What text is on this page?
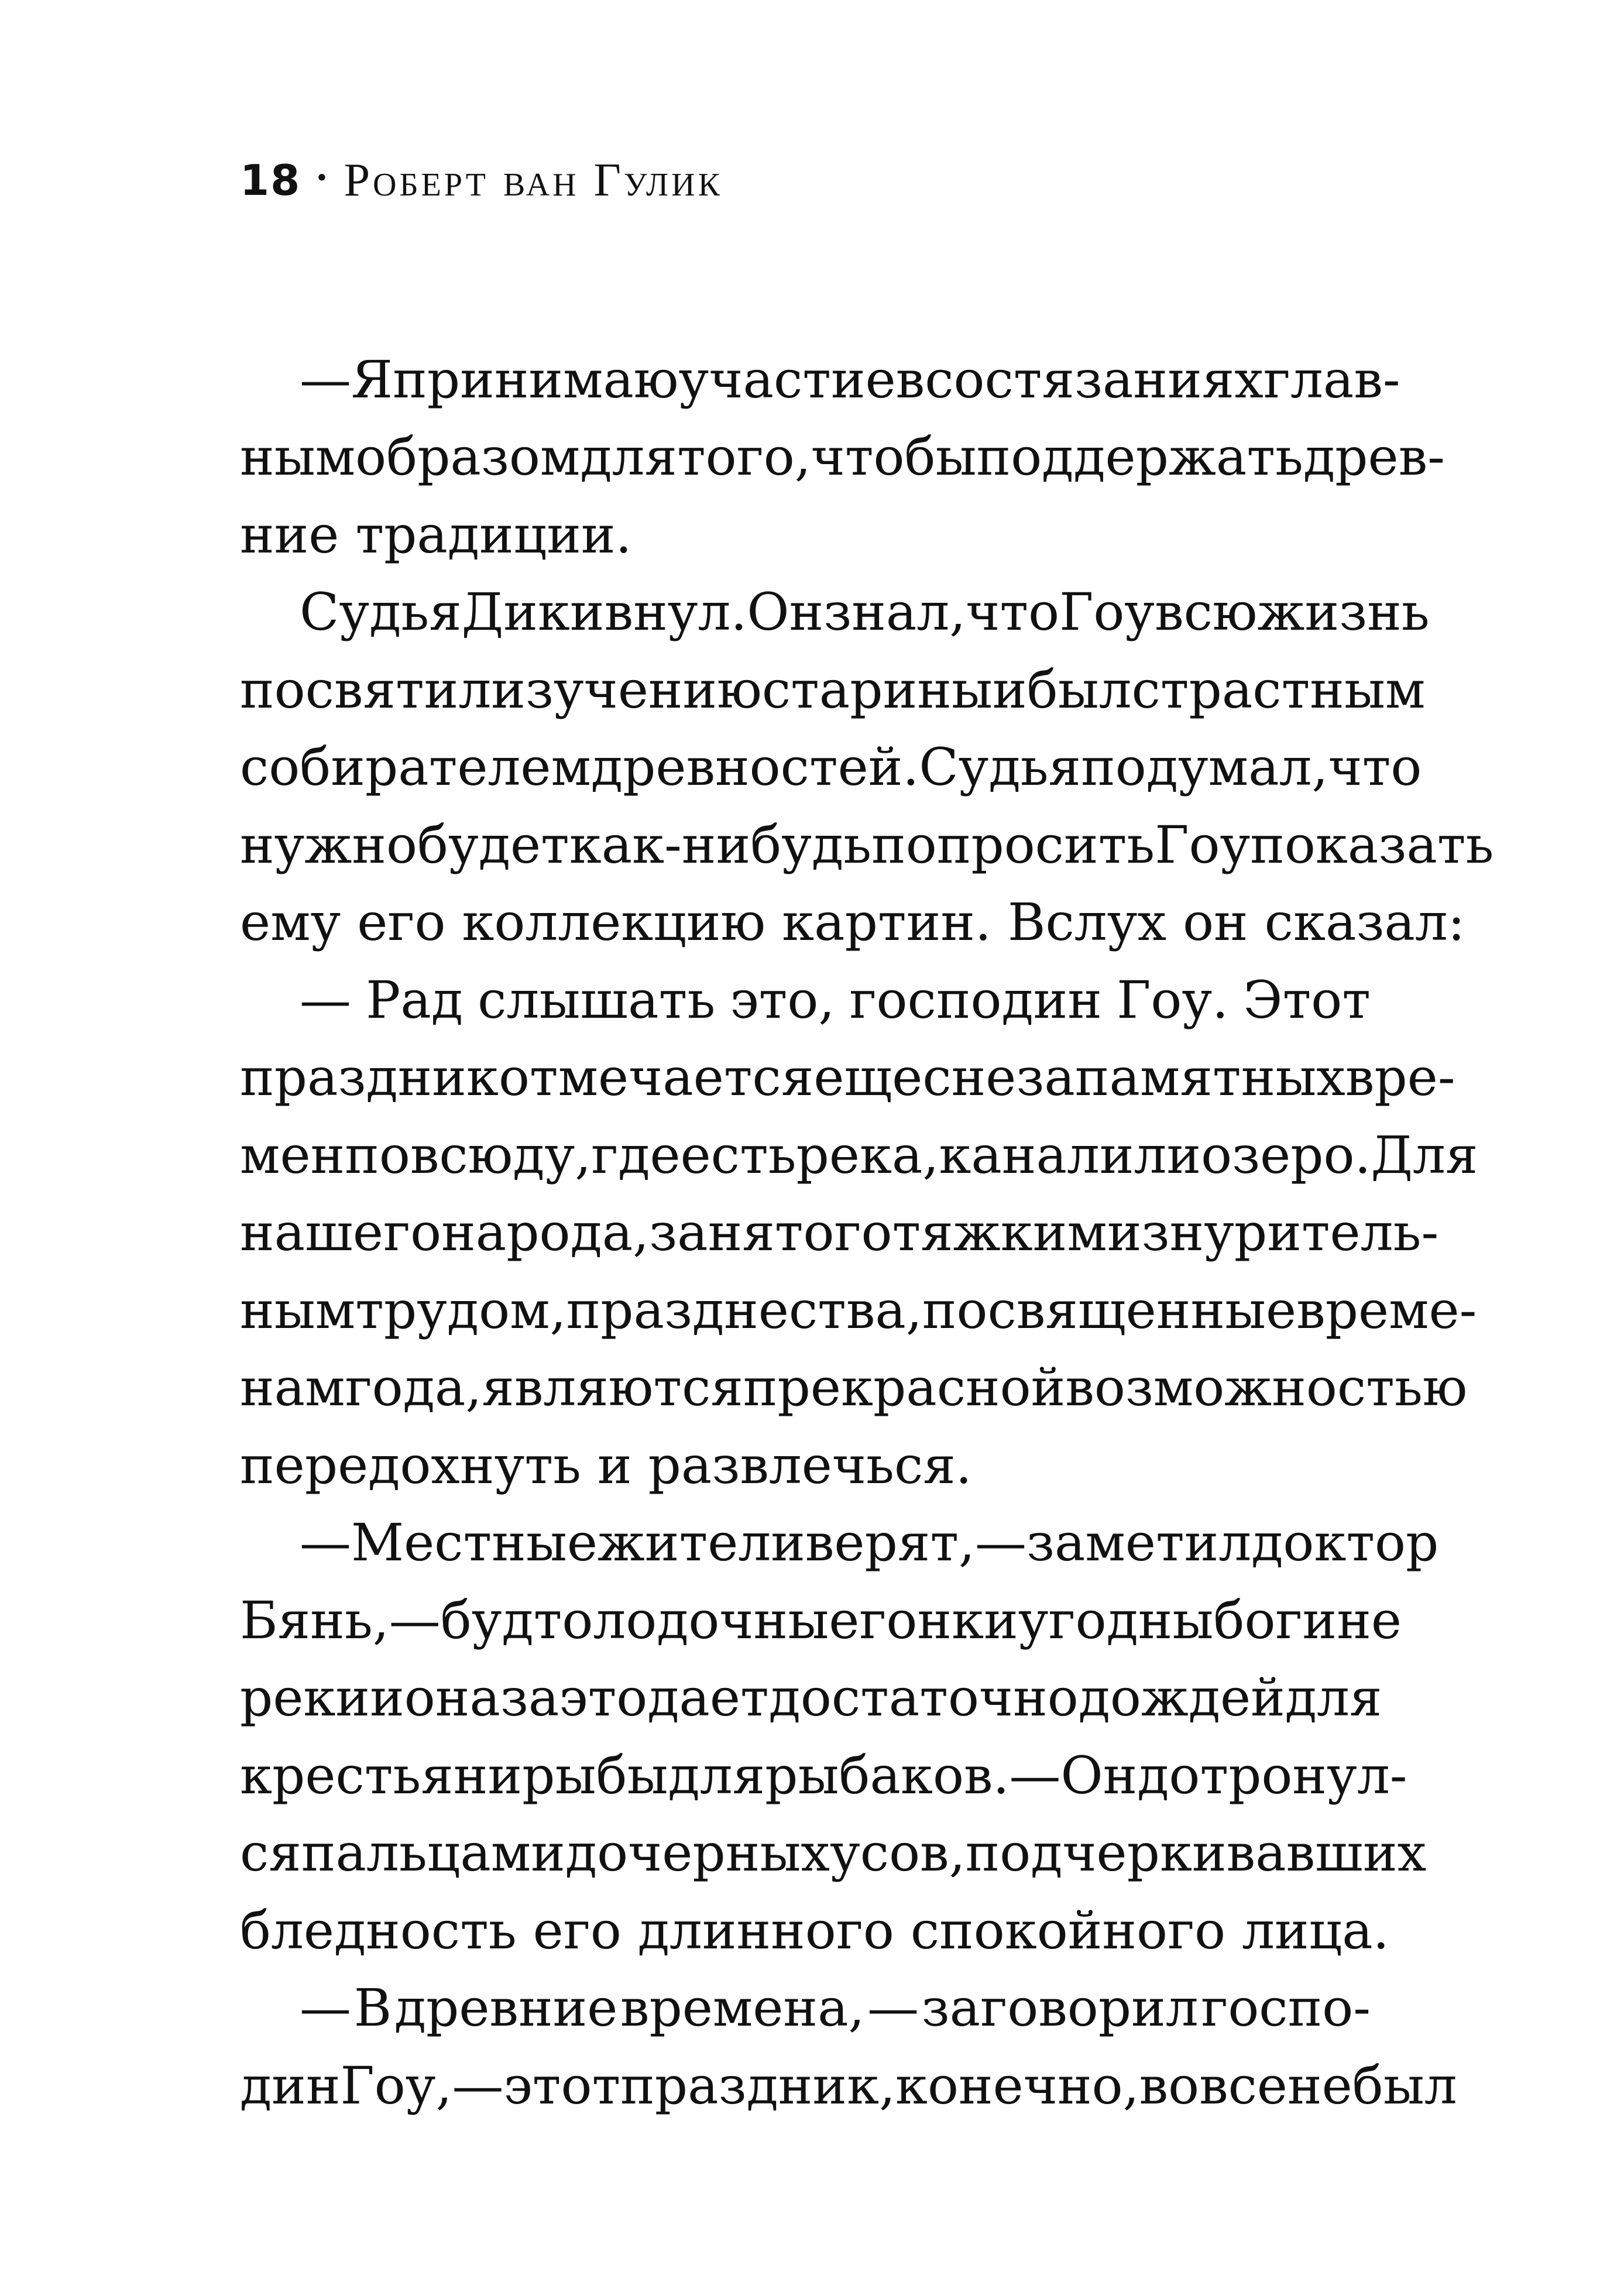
18 · Роберт ван Гулик
— Я принимаю участие в состязаниях глав-
ным образом для того, чтобы поддержать древ-
ние традиции.
Судья Ди кивнул. Он знал, что Гоу всю жизнь
посвятил изучению старины и был страстным
собирателем древностей. Судья подумал, что
нужно будет как-нибудь попросить Гоу показать
ему его коллекцию картин. Вслух он сказал:
— Рад слышать это, господин Гоу. Этот
праздник отмечается еще с незапамятных вре-
мен повсюду, где есть река, канал или озеро. Для
нашего народа, занятого тяжким изнуритель-
ным трудом, празднества, посвященные време-
нам года, являются прекрасной возможностью
передохнуть и развлечься.
— Местные жители верят, — заметил доктор
Бянь, — будто лодочные гонки угодны богине
реки и она за это дает достаточно дождей для
крестьян и рыбы для рыбаков. — Он дотронул-
ся пальцами до черных усов, подчеркивавших
бледность его длинного спокойного лица.
— В древние времена, — заговорил госпо-
дин Гоу, — этот праздник, конечно, вовсе не был
